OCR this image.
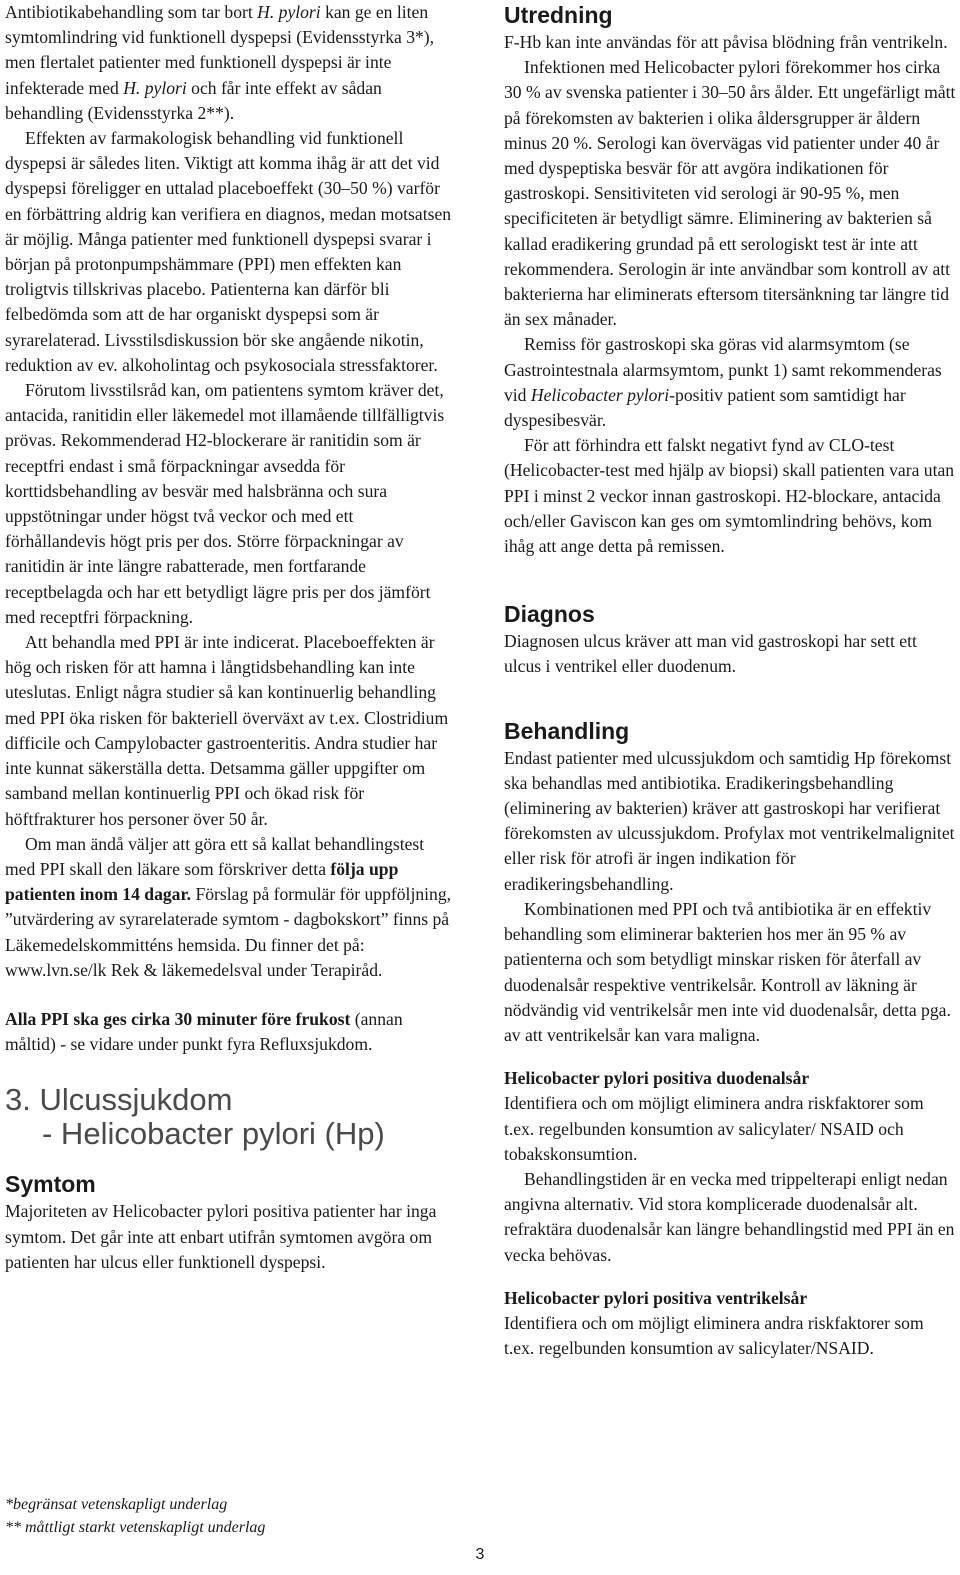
Antibiotikabehandling som tar bort H. pylori kan ge en liten symtomlindring vid funktionell dyspepsi (Evidensstyrka 3*), men flertalet patienter med funktionell dyspepsi är inte infekterade med H. pylori och får inte effekt av sådan behandling (Evidensstyrka 2**).

Effekten av farmakologisk behandling vid funktionell dyspepsi är således liten. Viktigt att komma ihåg är att det vid dyspepsi föreligger en uttalad placeboeffekt (30–50 %) varför en förbättring aldrig kan verifiera en diagnos, medan motsatsen är möjlig. Många patienter med funktionell dyspepsi svarar i början på protonpumpshämmare (PPI) men effekten kan troligtvis tillskrivas placebo. Patienterna kan därför bli felbedömda som att de har organiskt dyspepsi som är syrarelaterad. Livsstilsdiskussion bör ske angående nikotin, reduktion av ev. alkoholintag och psykosociala stressfaktorer.

Förutom livsstilsråd kan, om patientens symtom kräver det, antacida, ranitidin eller läkemedel mot illamående tillfälligtvis prövas. Rekommenderad H2-blockerare är ranitidin som är receptfri endast i små förpackningar avsedda för korttidsbehandling av besvär med halsbränna och sura uppstötningar under högst två veckor och med ett förhållandevis högt pris per dos. Större förpackningar av ranitidin är inte längre rabatterade, men fortfarande receptbelagda och har ett betydligt lägre pris per dos jämfört med receptfri förpackning.

Att behandla med PPI är inte indicerat. Placeboeffekten är hög och risken för att hamna i långtidsbehandling kan inte uteslutas. Enligt några studier så kan kontinuerlig behandling med PPI öka risken för bakteriell överväxt av t.ex. Clostridium difficile och Campylobacter gastroenteritis. Andra studier har inte kunnat säkerställa detta. Detsamma gäller uppgifter om samband mellan kontinuerlig PPI och ökad risk för höftfrakturer hos personer över 50 år.

Om man ändå väljer att göra ett så kallat behandlingstest med PPI skall den läkare som förskriver detta följa upp patienten inom 14 dagar. Förslag på formulär för uppföljning, ”utvärdering av syrarelaterade symtom - dagbokskort” finns på Läkemedelskommitténs hemsida. Du finner det på: www.lvn.se/lk Rek & läkemedelsval under Terapiråd.

Alla PPI ska ges cirka 30 minuter före frukost (annan måltid) - se vidare under punkt fyra Refluxsjukdom.

3. Ulcussjukdom
- Helicobacter pylori (Hp)
Symtom

Majoriteten av Helicobacter pylori positiva patienter har inga symtom. Det går inte att enbart utifrån symtomen avgöra om patienten har ulcus eller funktionell dyspepsi.

Utredning

F-Hb kan inte användas för att påvisa blödning från ventrikeln.

Infektionen med Helicobacter pylori förekommer hos cirka 30 % av svenska patienter i 30–50 års ålder. Ett ungefärligt mått på förekomsten av bakterien i olika åldersgrupper är åldern minus 20 %. Serologi kan övervägas vid patienter under 40 år med dyspeptiska besvär för att avgöra indikationen för gastroskopi. Sensitiviteten vid serologi är 90-95 %, men specificiteten är betydligt sämre. Eliminering av bakterien så kallad eradikering grundad på ett serologiskt test är inte att rekommendera. Serologin är inte användbar som kontroll av att bakterierna har eliminerats eftersom titersänkning tar längre tid än sex månader.

Remiss för gastroskopi ska göras vid alarmsymtom (se Gastrointestnala alarmsymtom, punkt 1) samt rekommenderas vid Helicobacter pylori-positiv patient som samtidigt har dyspesibesvär.

För att förhindra ett falskt negativt fynd av CLO-test (Helicobacter-test med hjälp av biopsi) skall patienten vara utan PPI i minst 2 veckor innan gastroskopi. H2-blockare, antacida och/eller Gaviscon kan ges om symtomlindring behövs, kom ihåg att ange detta på remissen.

Diagnos

Diagnosen ulcus kräver att man vid gastroskopi har sett ett ulcus i ventrikel eller duodenum.

Behandling

Endast patienter med ulcussjukdom och samtidig Hp förekomst ska behandlas med antibiotika. Eradikeringsbehandling (eliminering av bakterien) kräver att gastroskopi har verifierat förekomsten av ulcussjukdom. Profylax mot ventrikelmalignitet eller risk för atrofi är ingen indikation för eradikeringsbehandling.

Kombinationen med PPI och två antibiotika är en effektiv behandling som eliminerar bakterien hos mer än 95 % av patienterna och som betydligt minskar risken för återfall av duodenalsår respektive ventrikelsår. Kontroll av läkning är nödvändig vid ventrikelsår men inte vid duodenalsår, detta pga. av att ventrikelsår kan vara maligna.

Helicobacter pylori positiva duodenalsår

Identifiera och om möjligt eliminera andra riskfaktorer som t.ex. regelbunden konsumtion av salicylater/ NSAID och tobakskonsumtion.

Behandlingstiden är en vecka med trippelterapi enligt nedan angivna alternativ. Vid stora komplicerade duodenalsår alt. refraktära duodenalsår kan längre behandlingstid med PPI än en vecka behövas.

Helicobacter pylori positiva ventrikelsår

Identifiera och om möjligt eliminera andra riskfaktorer som t.ex. regelbunden konsumtion av salicylater/NSAID.

*begränsat vetenskapligt underlag

** måttligt starkt vetenskapligt underlag

3
